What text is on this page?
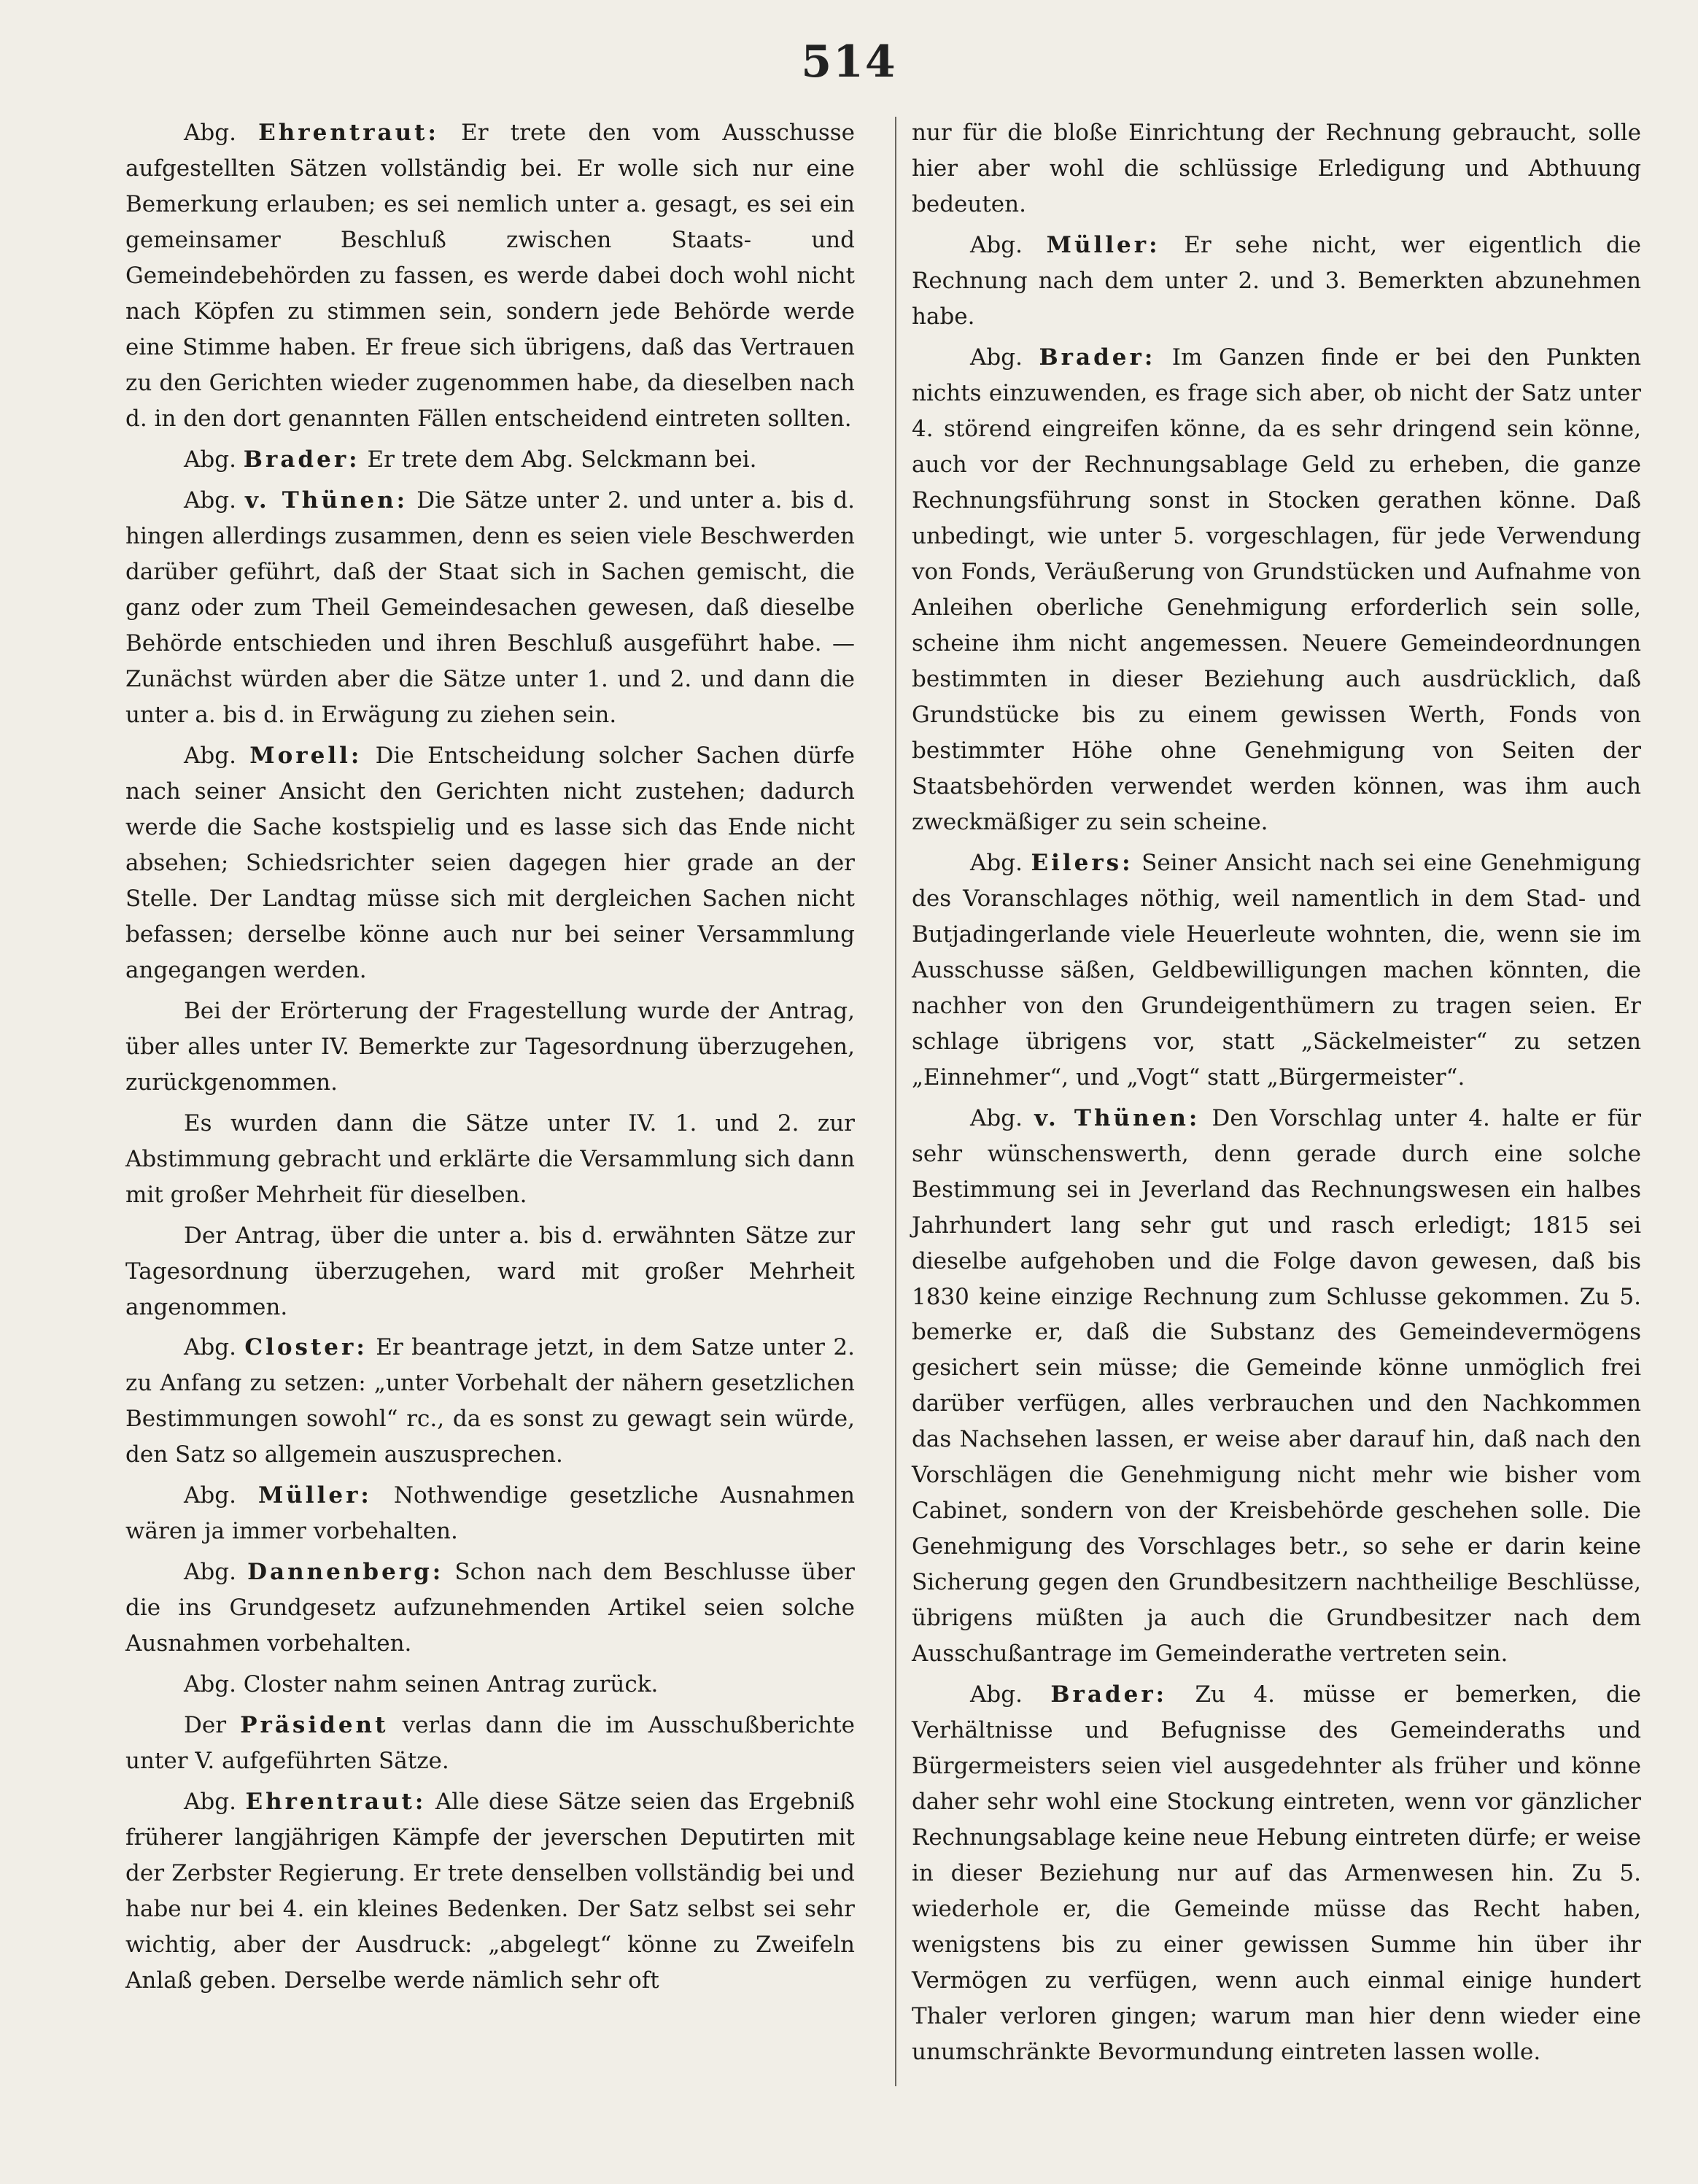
514

Abg. Ehrentraut: Er trete den vom Ausschusse aufgestellten Sätzen vollständig bei. Er wolle sich nur eine Bemerkung erlauben; es sei nemlich unter a. gesagt, es sei ein gemeinsamer Beschluß zwischen Staats- und Gemeindebehörden zu fassen, es werde dabei doch wohl nicht nach Köpfen zu stimmen sein, sondern jede Behörde werde eine Stimme haben. Er freue sich übrigens, daß das Vertrauen zu den Gerichten wieder zugenommen habe, da dieselben nach d. in den dort genannten Fällen entscheidend eintreten sollten.

Abg. Brader: Er trete dem Abg. Selckmann bei.

Abg. v. Thünen: Die Sätze unter 2. und unter a. bis d. hingen allerdings zusammen, denn es seien viele Beschwerden darüber geführt, daß der Staat sich in Sachen gemischt, die ganz oder zum Theil Gemeindesachen gewesen, daß dieselbe Behörde entschieden und ihren Beschluß ausgeführt habe. — Zunächst würden aber die Sätze unter 1. und 2. und dann die unter a. bis d. in Erwägung zu ziehen sein.

Abg. Morell: Die Entscheidung solcher Sachen dürfe nach seiner Ansicht den Gerichten nicht zustehen; dadurch werde die Sache kostspielig und es lasse sich das Ende nicht absehen; Schiedsrichter seien dagegen hier grade an der Stelle. Der Landtag müsse sich mit dergleichen Sachen nicht befassen; derselbe könne auch nur bei seiner Versammlung angegangen werden.

Bei der Erörterung der Fragestellung wurde der Antrag, über alles unter IV. Bemerkte zur Tagesordnung überzugehen, zurückgenommen.

Es wurden dann die Sätze unter IV. 1. und 2. zur Abstimmung gebracht und erklärte die Versammlung sich dann mit großer Mehrheit für dieselben.

Der Antrag, über die unter a. bis d. erwähnten Sätze zur Tagesordnung überzugehen, ward mit großer Mehrheit angenommen.

Abg. Closter: Er beantrage jetzt, in dem Satze unter 2. zu Anfang zu setzen: „unter Vorbehalt der nähern gesetzlichen Bestimmungen sowohl“ rc., da es sonst zu gewagt sein würde, den Satz so allgemein auszusprechen.

Abg. Müller: Nothwendige gesetzliche Ausnahmen wären ja immer vorbehalten.

Abg. Dannenberg: Schon nach dem Beschlusse über die ins Grundgesetz aufzunehmenden Artikel seien solche Ausnahmen vorbehalten.

Abg. Closter nahm seinen Antrag zurück.

Der Präsident verlas dann die im Ausschußberichte unter V. aufgeführten Sätze.

Abg. Ehrentraut: Alle diese Sätze seien das Ergebniß früherer langjährigen Kämpfe der jeverschen Deputirten mit der Zerbster Regierung. Er trete denselben vollständig bei und habe nur bei 4. ein kleines Bedenken. Der Satz selbst sei sehr wichtig, aber der Ausdruck: „abgelegt“ könne zu Zweifeln Anlaß geben. Derselbe werde nämlich sehr oft

nur für die bloße Einrichtung der Rechnung gebraucht, solle hier aber wohl die schlüssige Erledigung und Abthuung bedeuten.

Abg. Müller: Er sehe nicht, wer eigentlich die Rechnung nach dem unter 2. und 3. Bemerkten abzunehmen habe.

Abg. Brader: Im Ganzen finde er bei den Punkten nichts einzuwenden, es frage sich aber, ob nicht der Satz unter 4. störend eingreifen könne, da es sehr dringend sein könne, auch vor der Rechnungsablage Geld zu erheben, die ganze Rechnungsführung sonst in Stocken gerathen könne. Daß unbedingt, wie unter 5. vorgeschlagen, für jede Verwendung von Fonds, Veräußerung von Grundstücken und Aufnahme von Anleihen oberliche Genehmigung erforderlich sein solle, scheine ihm nicht angemessen. Neuere Gemeindeordnungen bestimmten in dieser Beziehung auch ausdrücklich, daß Grundstücke bis zu einem gewissen Werth, Fonds von bestimmter Höhe ohne Genehmigung von Seiten der Staatsbehörden verwendet werden können, was ihm auch zweckmäßiger zu sein scheine.

Abg. Eilers: Seiner Ansicht nach sei eine Genehmigung des Voranschlages nöthig, weil namentlich in dem Stad- und Butjadingerlande viele Heuerleute wohnten, die, wenn sie im Ausschusse säßen, Geldbewilligungen machen könnten, die nachher von den Grundeigenthümern zu tragen seien. Er schlage übrigens vor, statt „Säckelmeister“ zu setzen „Einnehmer“, und „Vogt“ statt „Bürgermeister“.

Abg. v. Thünen: Den Vorschlag unter 4. halte er für sehr wünschenswerth, denn gerade durch eine solche Bestimmung sei in Jeverland das Rechnungswesen ein halbes Jahrhundert lang sehr gut und rasch erledigt; 1815 sei dieselbe aufgehoben und die Folge davon gewesen, daß bis 1830 keine einzige Rechnung zum Schlusse gekommen. Zu 5. bemerke er, daß die Substanz des Gemeindevermögens gesichert sein müsse; die Gemeinde könne unmöglich frei darüber verfügen, alles verbrauchen und den Nachkommen das Nachsehen lassen, er weise aber darauf hin, daß nach den Vorschlägen die Genehmigung nicht mehr wie bisher vom Cabinet, sondern von der Kreisbehörde geschehen solle. Die Genehmigung des Vorschlages betr., so sehe er darin keine Sicherung gegen den Grundbesitzern nachtheilige Beschlüsse, übrigens müßten ja auch die Grundbesitzer nach dem Ausschußantrage im Gemeinderathe vertreten sein.

Abg. Brader: Zu 4. müsse er bemerken, die Verhältnisse und Befugnisse des Gemeinderaths und Bürgermeisters seien viel ausgedehnter als früher und könne daher sehr wohl eine Stockung eintreten, wenn vor gänzlicher Rechnungsablage keine neue Hebung eintreten dürfe; er weise in dieser Beziehung nur auf das Armenwesen hin. Zu 5. wiederhole er, die Gemeinde müsse das Recht haben, wenigstens bis zu einer gewissen Summe hin über ihr Vermögen zu verfügen, wenn auch einmal einige hundert Thaler verloren gingen; warum man hier denn wieder eine unumschränkte Bevormundung eintreten lassen wolle.
